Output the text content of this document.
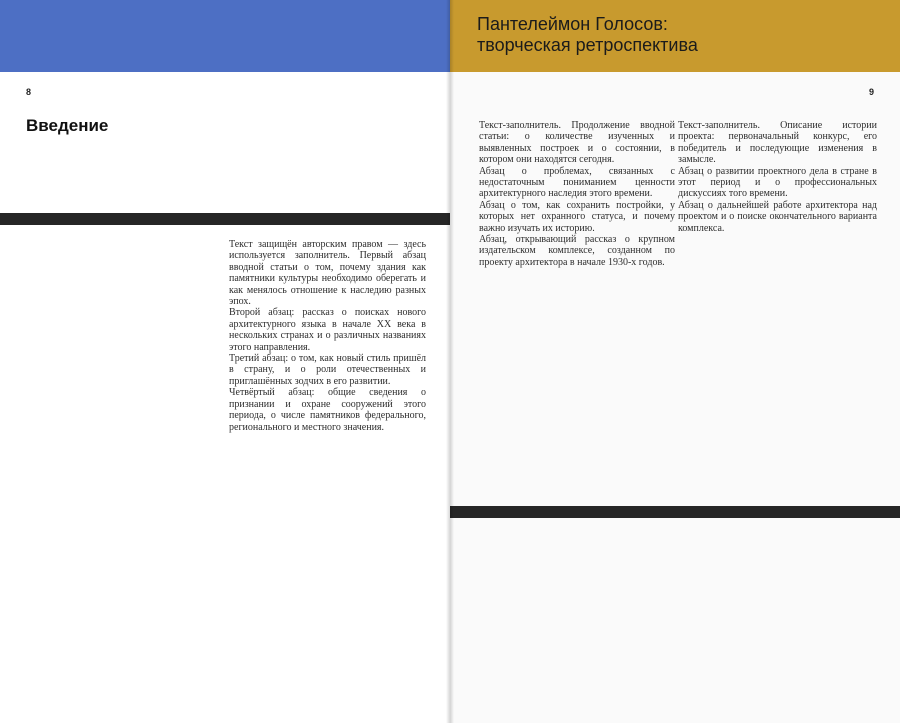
8
Введение

Текст защищён авторским правом — здесь используется заполнитель. Первый абзац вводной статьи о том, почему здания как памятники культуры необходимо оберегать и как менялось отношение к наследию разных эпох.

Второй абзац: рассказ о поисках нового архитектурного языка в начале XX века в нескольких странах и о различных названиях этого направления.

Третий абзац: о том, как новый стиль пришёл в страну, и о роли отечественных и приглашённых зодчих в его развитии.

Четвёртый абзац: общие сведения о признании и охране сооружений этого периода, о числе памятников федерального, регионального и местного значения.

Пантелеймон Голосов:
творческая ретроспектива
9

Текст-заполнитель. Продолжение вводной статьи: о количестве изученных и выявленных построек и о состоянии, в котором они находятся сегодня.

Абзац о проблемах, связанных с недостаточным пониманием ценности архитектурного наследия этого времени.

Абзац о том, как сохранить постройки, у которых нет охранного статуса, и почему важно изучать их историю.

Абзац, открывающий рассказ о крупном издательском комплексе, созданном по проекту архитектора в начале 1930-х годов.

Текст-заполнитель. Описание истории проекта: первоначальный конкурс, его победитель и последующие изменения в замысле.

Абзац о развитии проектного дела в стране в этот период и о профессиональных дискуссиях того времени.

Абзац о дальнейшей работе архитектора над проектом и о поиске окончательного варианта комплекса.
